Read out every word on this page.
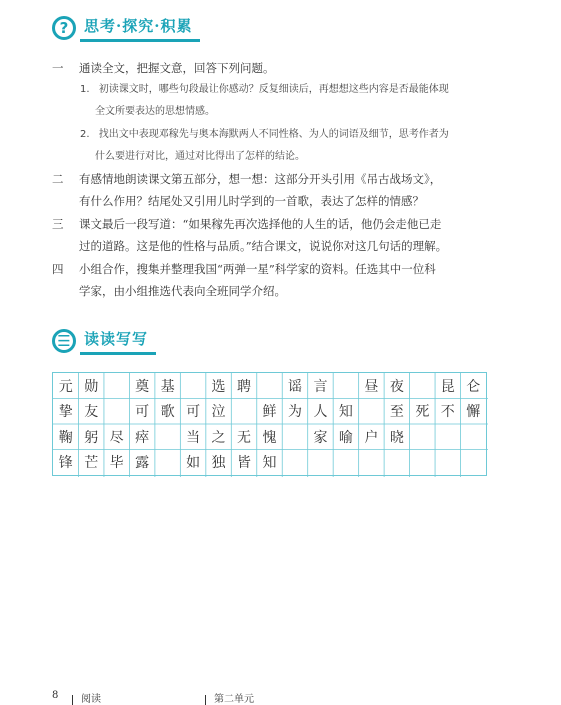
?	思考·探究·积累
一 通读全文，把握文意，回答下列问题。
1. 初读课文时，哪些句段最让你感动？反复细读后，再想想这些内容是否最能体现
全文所要表达的思想情感。
2. 找出文中表现邓稼先与奥本海默两人不同性格、为人的词语及细节，思考作者为
什么要进行对比，通过对比得出了怎样的结论。
二 有感情地朗读课文第五部分，想一想：这部分开头引用《吊古战场文》，
有什么作用？结尾处又引用儿时学到的一首歌，表达了怎样的情感？
三 课文最后一段写道：“如果稼先再次选择他的人生的话，他仍会走他已走
过的道路。这是他的性格与品质。”结合课文，说说你对这几句话的理解。
四 小组合作，搜集并整理我国“两弹一星”科学家的资料。任选其中一位科
学家，由小组推选代表向全班同学介绍。
☰ 读读写写
元 勋	奠 基	选 聘	谣 言	昼 夜	昆 仑
挚 友	可 歌 可 泣	鲜 为 人 知	至 死 不 懈
鞠 躬 尽 瘁	当 之 无 愧	家 喻 户 晓
锋 芒 毕 露	如 独 皆 知
8	阅读	第二单元
